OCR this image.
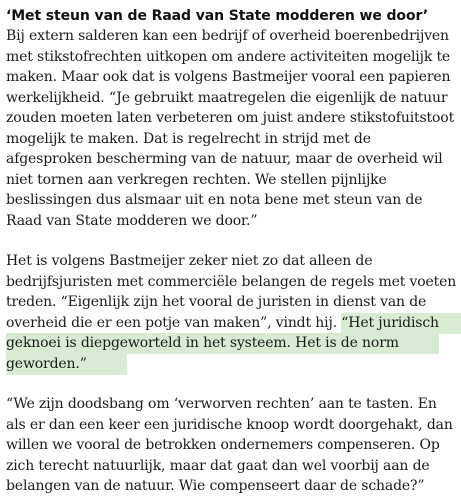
‘Met steun van de Raad van State modderen we door’

Bij extern salderen kan een bedrijf of overheid boerenbedrijven met stikstofrechten uitkopen om andere activiteiten mogelijk te maken. Maar ook dat is volgens Bastmeijer vooral een papieren werkelijkheid. “Je gebruikt maatregelen die eigenlijk de natuur zouden moeten laten verbeteren om juist andere stikstofuitstoot mogelijk te maken. Dat is regelrecht in strijd met de afgesproken bescherming van de natuur, maar de overheid wil niet tornen aan verkregen rechten. We stellen pijnlijke beslissingen dus alsmaar uit en nota bene met steun van de Raad van State modderen we door.”

Het is volgens Bastmeijer zeker niet zo dat alleen de bedrijfsjuristen met commerciële belangen de regels met voeten treden. “Eigenlijk zijn het vooral de juristen in dienst van de overheid die er een potje van maken”, vindt hij. “Het juridisch geknoei is diepgeworteld in het systeem. Het is de norm geworden.”

“We zijn doodsbang om ‘verworven rechten’ aan te tasten. En als er dan een keer een juridische knoop wordt doorgehakt, dan willen we vooral de betrokken ondernemers compenseren. Op zich terecht natuurlijk, maar dat gaat dan wel voorbij aan de belangen van de natuur. Wie compenseert daar de schade?”
